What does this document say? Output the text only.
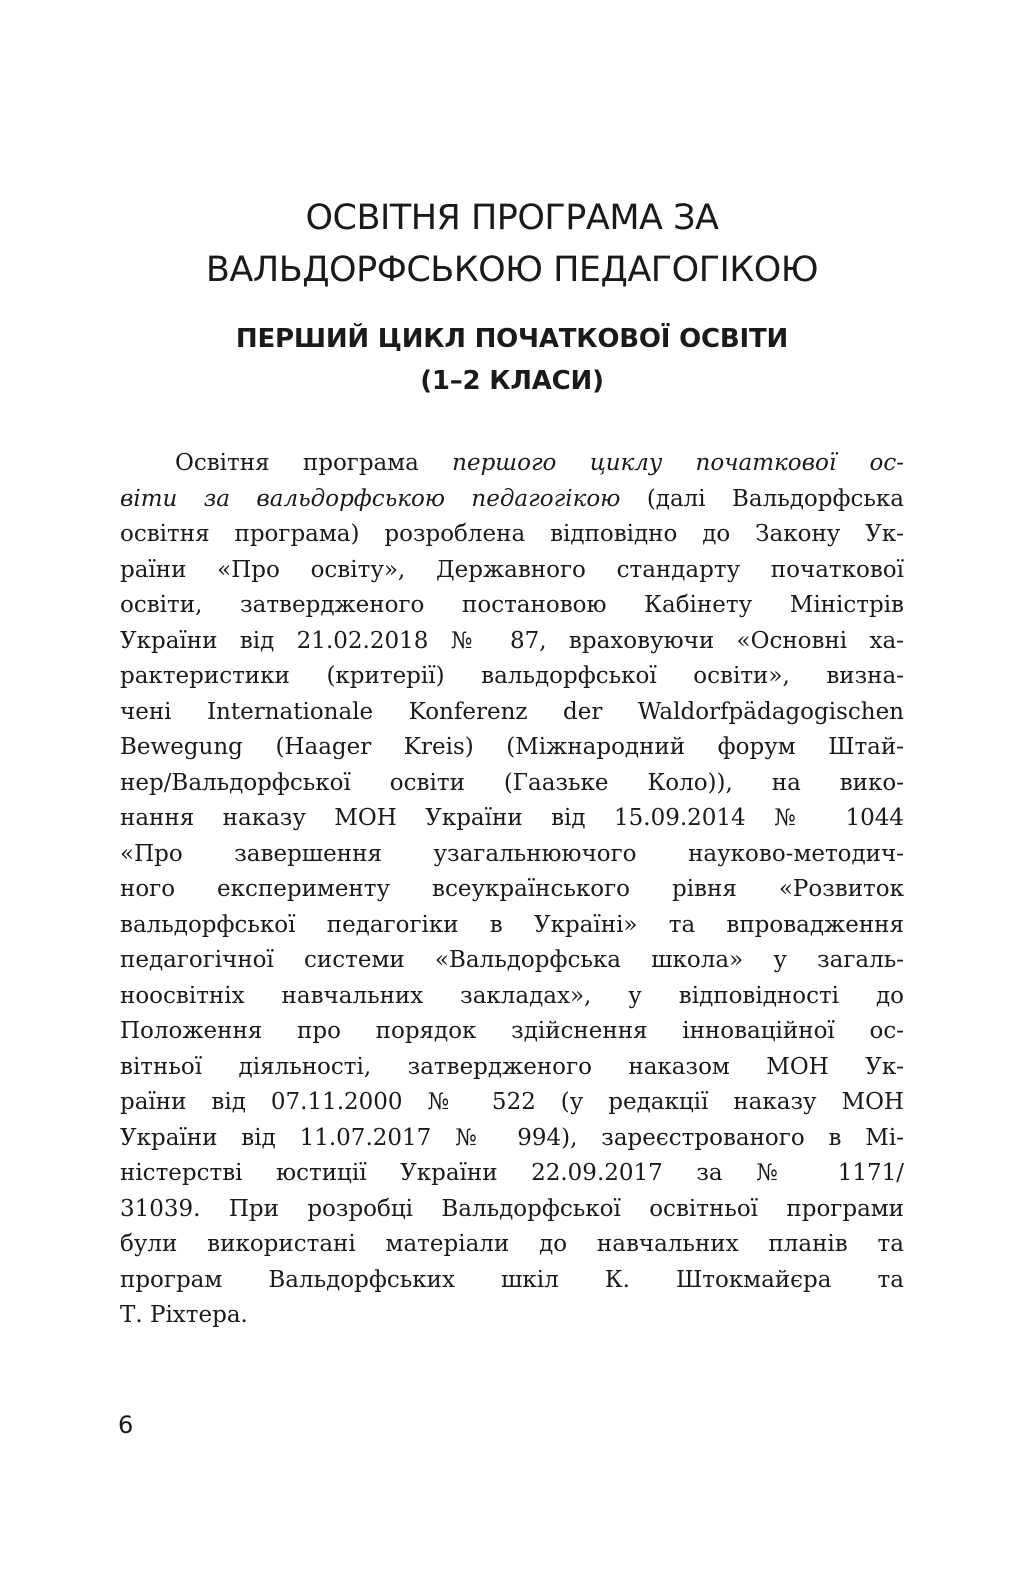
ОСВІТНЯ ПРОГРАМА ЗА
ВАЛЬДОРФСЬКОЮ ПЕДАГОГІКОЮ
ПЕРШИЙ ЦИКЛ ПОЧАТКОВОЇ ОСВІТИ
(1–2 КЛАСИ)
Освітня програма першого циклу початкової ос-
віти за вальдорфською педагогікою (далі Вальдорфська
освітня програма) розроблена відповідно до Закону Ук-
раїни «Про освіту», Державного стандарту початкової
освіти, затвердженого постановою Кабінету Міністрів
України від 21.02.2018 № 87, враховуючи «Основні ха-
рактеристики (критерії) вальдорфської освіти», визна-
чені Internationale Konferenz der Waldorfpädagogischen
Bewegung (Haager Kreis) (Міжнародний форум Штай-
нер/Вальдорфської освіти (Гаазьке Коло)), на вико-
нання наказу МОН України від 15.09.2014 № 1044
«Про завершення узагальнюючого науково-методич-
ного експерименту всеукраїнського рівня «Розвиток
вальдорфської педагогіки в Україні» та впровадження
педагогічної системи «Вальдорфська школа» у загаль-
ноосвітніх навчальних закладах», у відповідності до
Положення про порядок здійснення інноваційної ос-
вітньої діяльності, затвердженого наказом МОН Ук-
раїни від 07.11.2000 № 522 (у редакції наказу МОН
України від 11.07.2017 № 994), зареєстрованого в Мі-
ністерстві юстиції України 22.09.2017 за № 1171/
31039. При розробці Вальдорфської освітньої програми
були використані матеріали до навчальних планів та
програм Вальдорфських шкіл К. Штокмайєра та
Т. Ріхтера.
6
